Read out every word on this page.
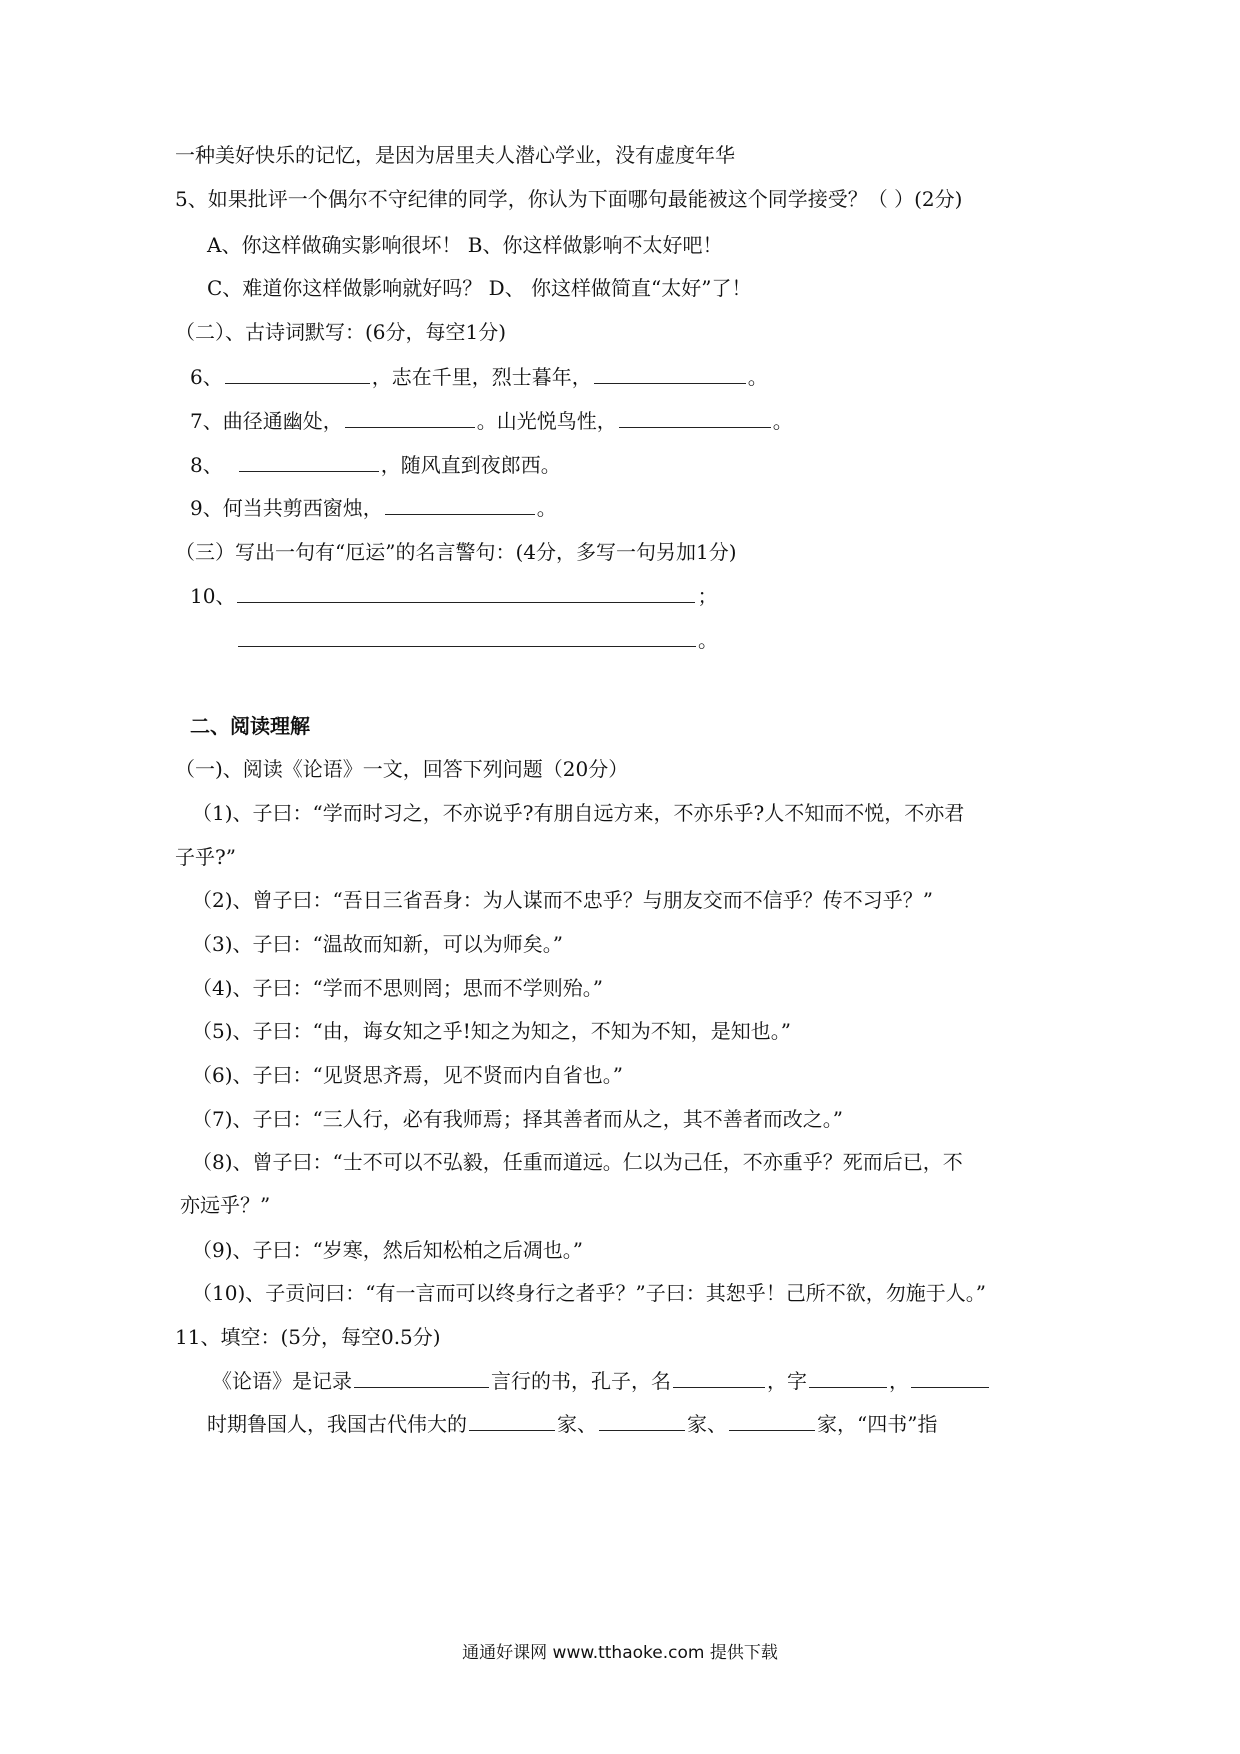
一种美好快乐的记忆，是因为居里夫人潜心学业，没有虚度年华
5、如果批评一个偶尔不守纪律的同学，你认为下面哪句最能被这个同学接受？（ ）(2分)
A、你这样做确实影响很坏！ B、你这样做影响不太好吧！
C、难道你这样做影响就好吗？ D、 你这样做简直“太好”了！
（二）、古诗词默写：(6分，每空1分)
6、	，志在千里，烈士暮年，	。
7、曲径通幽处，	。山光悦鸟性，	。
8、	，随风直到夜郎西。
9、何当共剪西窗烛，	。
（三）写出一句有“厄运”的名言警句：(4分，多写一句另加1分)
10、	；
。
二、阅读理解
（一)、阅读《论语》一文，回答下列问题（20分）
（1)、子曰：“学而时习之，不亦说乎?有朋自远方来，不亦乐乎?人不知而不悦，不亦君
子乎?”
（2)、曾子曰：“吾日三省吾身：为人谋而不忠乎？与朋友交而不信乎？传不习乎？”
（3)、子曰：“温故而知新，可以为师矣。”
（4)、子曰：“学而不思则罔；思而不学则殆。”
（5)、子曰：“由，诲女知之乎!知之为知之，不知为不知，是知也。”
（6)、子曰：“见贤思齐焉，见不贤而内自省也。”
（7)、子曰：“三人行，必有我师焉；择其善者而从之，其不善者而改之。”
（8)、曾子曰：“士不可以不弘毅，任重而道远。仁以为己任，不亦重乎？死而后已，不
亦远乎？”
（9)、子曰：“岁寒，然后知松柏之后凋也。”
（10)、子贡问曰：“有一言而可以终身行之者乎？”子曰：其恕乎！己所不欲，勿施于人。”
11、填空：(5分，每空0.5分)
《论语》是记录	言行的书，孔子，名	，字	，
时期鲁国人，我国古代伟大的	家、	家、	家，“四书”指
通通好课网 www.tthaoke.com 提供下载
